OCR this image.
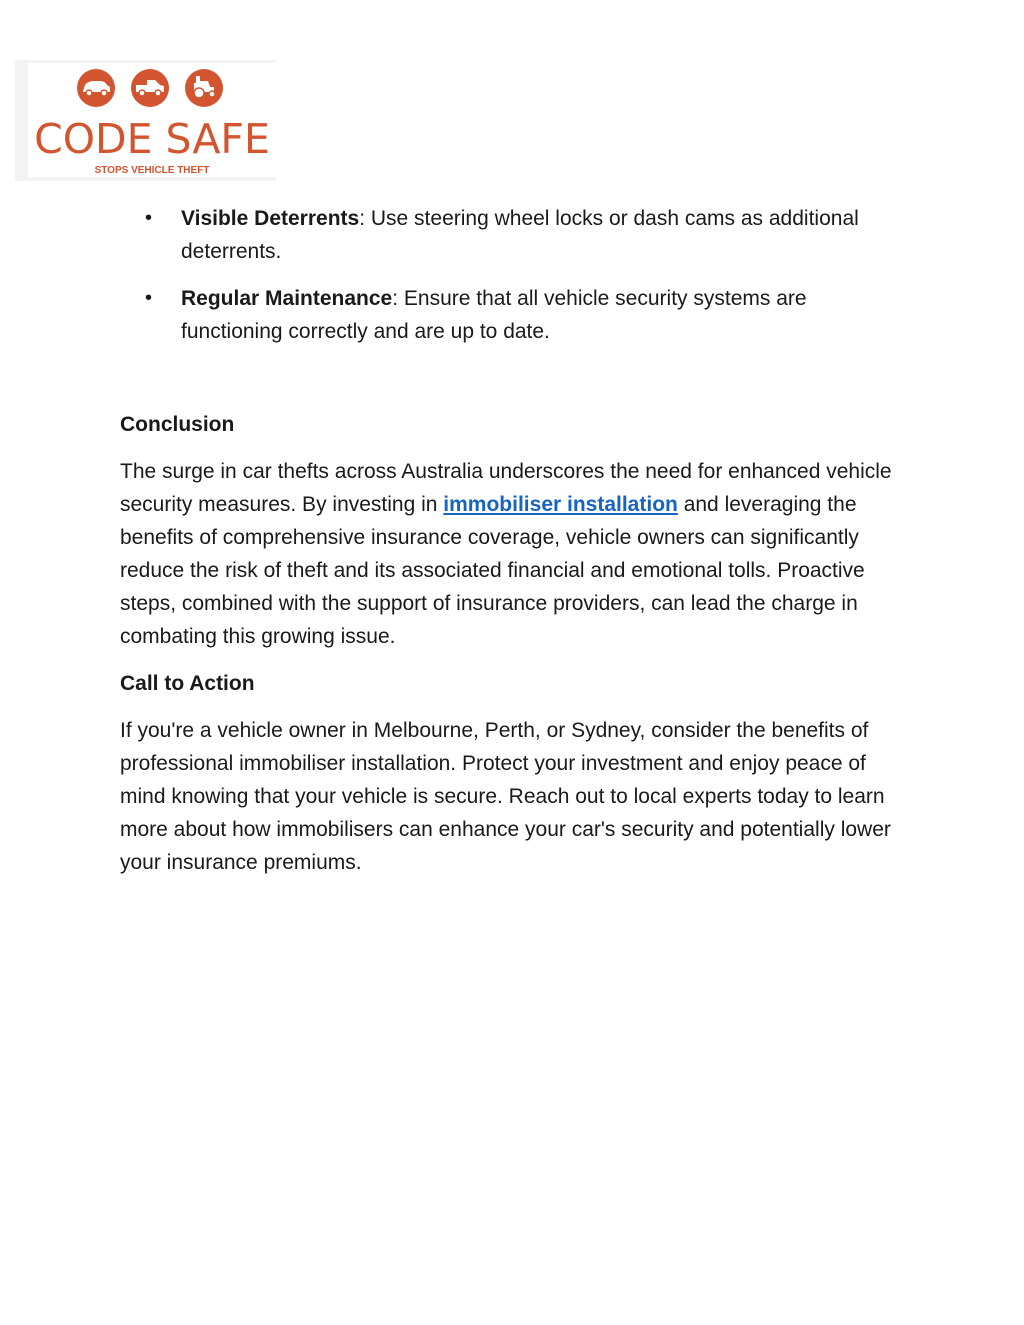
CODE SAFE
STOPS VEHICLE THEFT
• Visible Deterrents: Use steering wheel locks or dash cams as additional deterrents.
• Regular Maintenance: Ensure that all vehicle security systems are functioning correctly and are up to date.
Conclusion

The surge in car thefts across Australia underscores the need for enhanced vehicle security measures. By investing in immobiliser installation and leveraging the benefits of comprehensive insurance coverage, vehicle owners can significantly reduce the risk of theft and its associated financial and emotional tolls. Proactive steps, combined with the support of insurance providers, can lead the charge in combating this growing issue.

Call to Action

If you're a vehicle owner in Melbourne, Perth, or Sydney, consider the benefits of professional immobiliser installation. Protect your investment and enjoy peace of mind knowing that your vehicle is secure. Reach out to local experts today to learn more about how immobilisers can enhance your car's security and potentially lower your insurance premiums.
